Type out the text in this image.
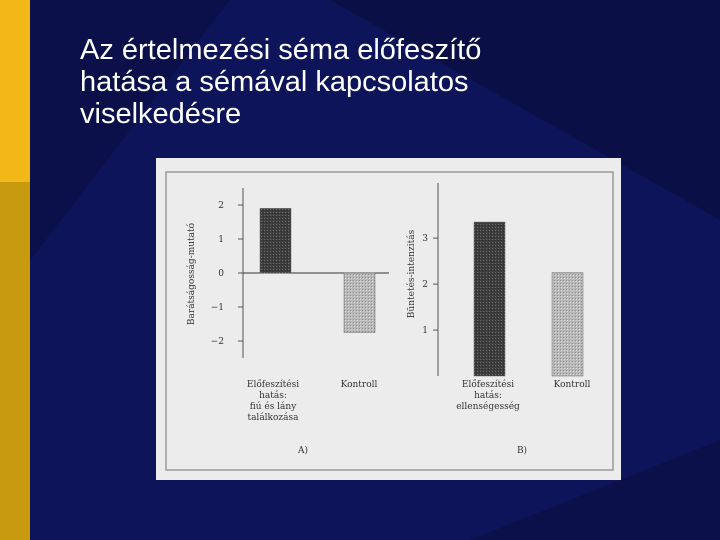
Az értelmezési séma előfeszítő
hatása a sémával kapcsolatos
viselkedésre
2
1
0
−1
−2
Barátságosság-mutató
Előfeszítési
hatás:
fiú és lány
találkozása
Kontroll
A)
3
2
1
Büntetés-intenzitás
Előfeszítési
hatás:
ellenségesség
Kontroll
B)
